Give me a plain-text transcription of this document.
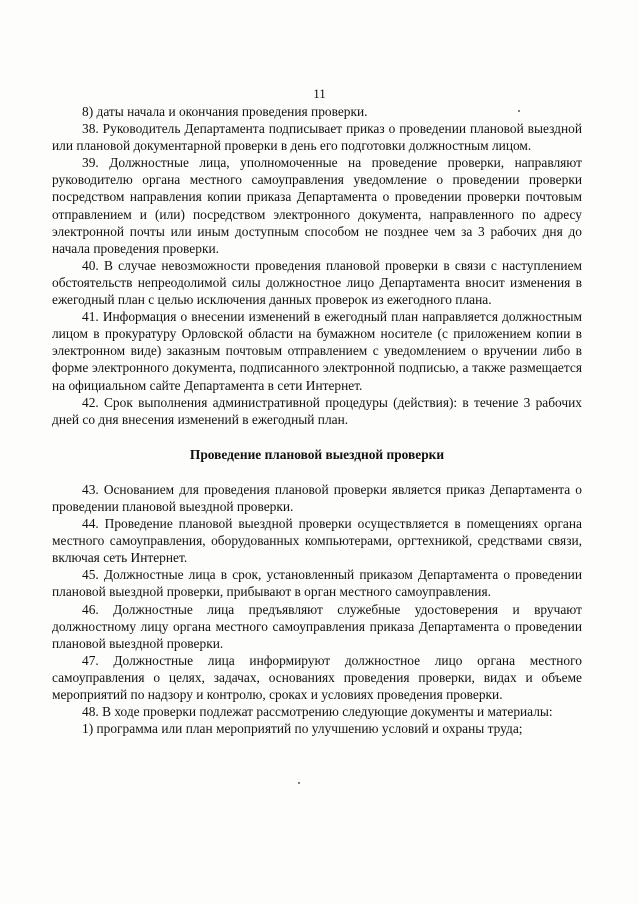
11

8) даты начала и окончания проведения проверки.

38. Руководитель Департамента подписывает приказ о проведении плановой выездной или плановой документарной проверки в день его подготовки должностным лицом.

39. Должностные лица, уполномоченные на проведение проверки, направляют руководителю органа местного самоуправления уведомление о проведении проверки посредством направления копии приказа Департамента о проведении проверки почтовым отправлением и (или) посредством электронного документа, направленного по адресу электронной почты или иным доступным способом не позднее чем за 3 рабочих дня до начала проведения проверки.

40. В случае невозможности проведения плановой проверки в связи с наступлением обстоятельств непреодолимой силы должностное лицо Департамента вносит изменения в ежегодный план с целью исключения данных проверок из ежегодного плана.

41. Информация о внесении изменений в ежегодный план направляется должностным лицом в прокуратуру Орловской области на бумажном носителе (с приложением копии в электронном виде) заказным почтовым отправлением с уведомлением о вручении либо в форме электронного документа, подписанного электронной подписью, а также размещается на официальном сайте Департамента в сети Интернет.

42. Срок выполнения административной процедуры (действия): в течение 3 рабочих дней со дня внесения изменений в ежегодный план.

Проведение плановой выездной проверки

43. Основанием для проведения плановой проверки является приказ Департамента о проведении плановой выездной проверки.

44. Проведение плановой выездной проверки осуществляется в помещениях органа местного самоуправления, оборудованных компьютерами, оргтехникой, средствами связи, включая сеть Интернет.

45. Должностные лица в срок, установленный приказом Департамента о проведении плановой выездной проверки, прибывают в орган местного самоуправления.

46. Должностные лица предъявляют служебные удостоверения и вручают должностному лицу органа местного самоуправления приказа Департамента о проведении плановой выездной проверки.

47. Должностные лица информируют должностное лицо органа местного самоуправления о целях, задачах, основаниях проведения проверки, видах и объеме мероприятий по надзору и контролю, сроках и условиях проведения проверки.

48. В ходе проверки подлежат рассмотрению следующие документы и материалы:

1) программа или план мероприятий по улучшению условий и охраны труда;
